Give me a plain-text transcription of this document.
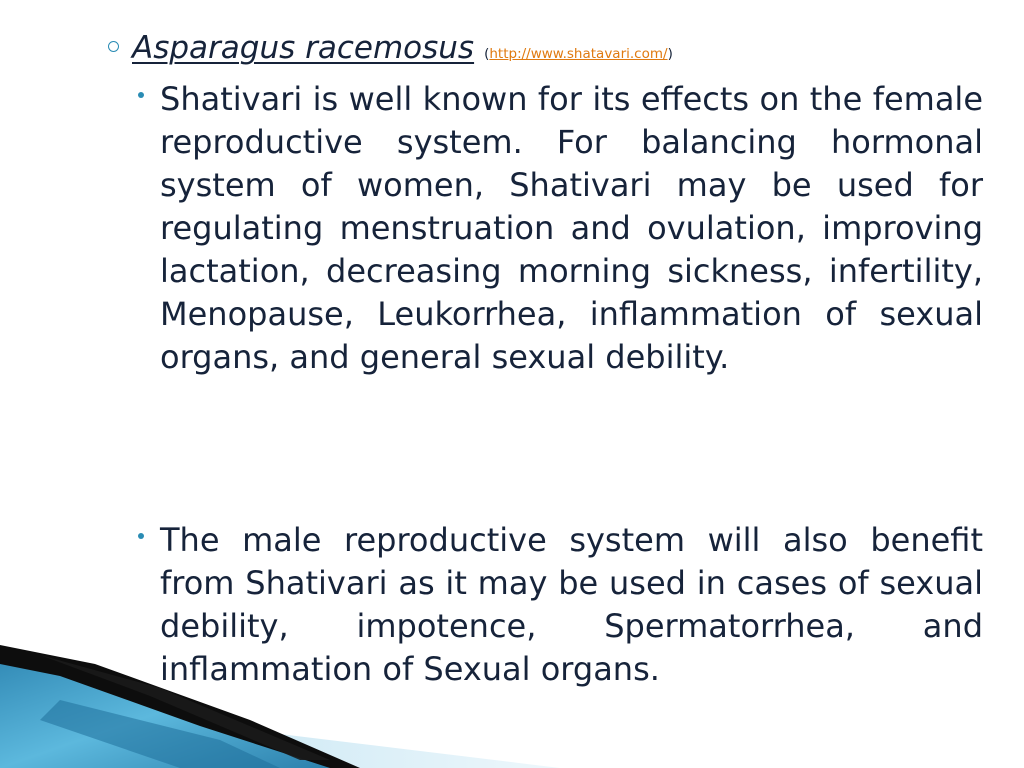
Asparagus racemosus (http://www.shatavari.com/)

Shativari is well known for its effects on the female reproductive system. For balancing hormonal system of women, Shativari may be used for regulating menstruation and ovulation, improving lactation, decreasing morning sickness, infertility, Menopause, Leukorrhea, inflammation of sexual organs, and general sexual debility.

The male reproductive system will also benefit from Shativari as it may be used in cases of sexual debility, impotence, Spermatorrhea, and inflammation of Sexual organs.
